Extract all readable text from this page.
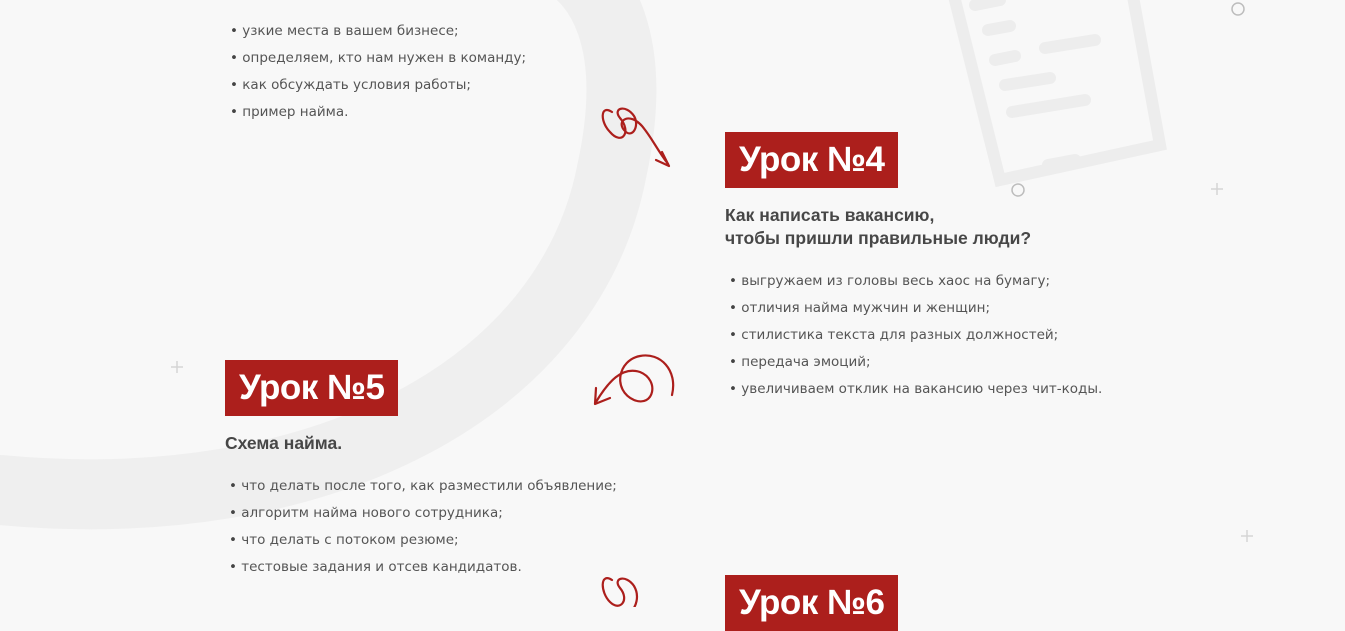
• узкие места в вашем бизнесе;
• определяем, кто нам нужен в команду;
• как обсуждать условия работы;
• пример найма.
Урок №4
Как написать вакансию,
чтобы пришли правильные люди?
• выгружаем из головы весь хаос на бумагу;
• отличия найма мужчин и женщин;
• стилистика текста для разных должностей;
• передача эмоций;
• увеличиваем отклик на вакансию через чит-коды.
Урок №5
Схема найма.
• что делать после того, как разместили объявление;
• алгоритм найма нового сотрудника;
• что делать с потоком резюме;
• тестовые задания и отсев кандидатов.
Урок №6
